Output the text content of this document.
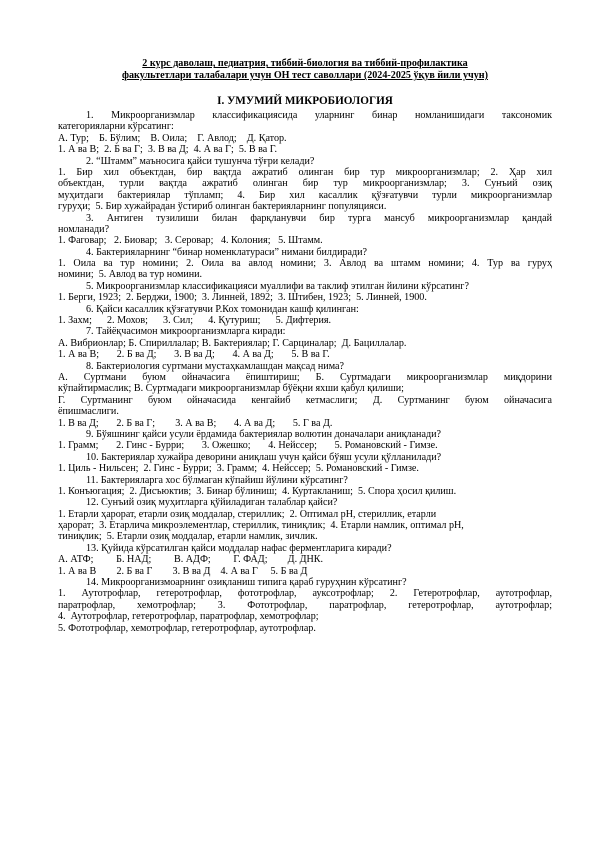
2 курс даволаш, педиатрия, тиббий-биология ва тиббий-профилактика
факультетлари талабалари учун ОН тест саволлари (2024-2025 ўқув йили учун)
I. УМУМИЙ МИКРОБИОЛОГИЯ
1. Микроорганизмлар классификациясида уларнинг бинар номланишидаги таксономик
категорияларни кўрсатинг:
А. Тур;    Б. Бўлим;    В. Оила;    Г. Авлод;    Д. Қатор.
1. А ва В;  2. Б ва Г;  3. В ва Д;  4. А ва Г;  5. В ва Г.
2. “Штамм” маъносига қайси тушунча тўғри келади?
1. Бир хил объектдан, бир вақтда ажратиб олинган бир тур микроорганизмлар; 2. Ҳар хил
объектдан, турли вақтда ажратиб олинган бир тур микроорганизмлар; 3. Сунъий озиқ
муҳитдаги бактериялар тўпламп; 4. Бир хил касаллик қўзғатувчи турли микроорганизмлар
гуруҳи;  5. Бир хужайрадан ўстириб олинган бактерияларнинг популяцияси.
3. Антиген тузилиши билан фарқланувчи бир турга мансуб микроорганизмлар қандай
номланади?
1. Фаговар;   2. Биовар;   3. Серовар;   4. Колония;   5. Штамм.
4. Бактерияларнинг “бинар номенклатураси” нимани билдиради?
1. Оила ва тур номини; 2. Оила ва авлод номини; 3. Авлод ва штамм номини; 4. Тур ва гуруҳ
номини;  5. Авлод ва тур номини.
5. Микроорганизмлар классификацияси муаллифи ва таклиф этилган йилини кўрсатинг?
1. Берги, 1923;  2. Берджи, 1900;  3. Линней, 1892;  3. Штибен, 1923;  5. Линней, 1900.
6. Қайси касаллик қўзғатувчи Р.Кох томонидан кашф қилинган:
1. Захм;      2. Мохов;      3. Сил;      4. Қутуриш;      5. Дифтерия.
7. Тайёқчасимон микроорганизмларга киради:
А. Вибрионлар; Б. Спириллалар; В. Бактериялар; Г. Сарциналар;  Д. Бациллалар.
1. А ва В;       2. Б ва Д;       3. В ва Д;       4. А ва Д;       5. В ва Г.
8. Бактериология суртмани мустаҳкамлашдан мақсад нима?
А. Суртмани буюм ойначасига ёпиштириш; Б. Суртмадаги микроорганизмлар миқдорини
кўпайтирмаслик; В. Суртмадаги микроорганизмлар бўёқни яхши қабул қилиши;
Г. Суртманинг буюм ойначасида кенгайиб кетмаслиги; Д. Суртманинг буюм ойначасига
ёпишмаслиги.
1. В ва Д;       2. Б ва Г;        3. А ва В;       4. А ва Д;       5. Г ва Д.
9. Бўяшнинг қайси усули ёрдамида бактериялар волютин доначалари аниқланади?
1. Грамм;       2. Гинс - Бурри;       3. Ожешко;       4. Нейссер;       5. Романовский - Гимзе.
10. Бактериялар хужайра деворини аниқлаш учун қайси бўяш усули қўлланилади?
1. Циль - Нильсен;  2. Гинс - Бурри;  3. Грамм;  4. Нейссер;  5. Романовский - Гимзе.
11. Бактерияларга хос бўлмаган кўпайиш йўлини кўрсатинг?
1. Конъюгация;  2. Дисъюктив;  3. Бинар бўлиниш;  4. Куртакланиш;  5. Спора ҳосил қилиш.
12. Сунъий озиқ муҳитларга қўйиладиган талаблар қайси?
1. Етарли ҳарорат, етарли озиқ моддалар, стериллик;  2. Оптимал рН, стериллик, етарли
ҳарорат;  3. Етарлича микроэлементлар, стериллик, тиниқлик;  4. Етарли намлик, оптимал рН,
тиниқлик;  5. Етарли озиқ моддалар, етарли намлик, зичлик.
13. Қуйида кўрсатилган қайси моддалар нафас ферментларига киради?
А. АТФ;         Б. НАД;         В. АДФ;         Г. ФАД;        Д. ДНК.
1. А ва В        2. Б ва Г        3. В ва Д    4. А ва Г     5. Б ва Д
14. Микроорганизмоарнинг озиқланиш типига қараб гуруҳнин кўрсатинг?
1. Аутотрофлар, гетеротрофлар, фототрофлар, ауксотрофлар; 2. Гетеротрофлар, аутотрофлар,
паратрофлар, хемотрофлар; 3. Фототрофлар, паратрофлар, гетеротрофлар, аутотрофлар;
4.  Аутотрофлар, гетеротрофлар, паратрофлар, хемотрофлар;
5. Фототрофлар, хемотрофлар, гетеротрофлар, аутотрофлар.
